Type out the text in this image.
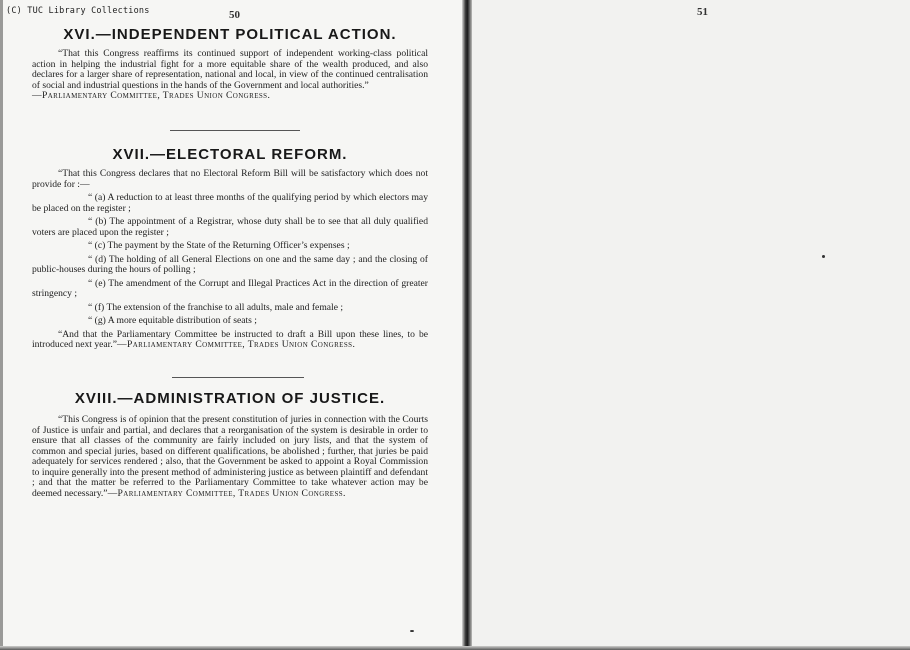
(C) TUC Library Collections	50	51
XVI.—INDEPENDENT POLITICAL ACTION.

“That this Congress reaffirms its continued support of independent working-class political action in helping the industrial fight for a more equitable share of the wealth produced, and also declares for a larger share of representation, national and local, in view of the continued centralisation of social and industrial questions in the hands of the Government and local authorities.”
—Parliamentary Committee, Trades Union Congress.

XVII.—ELECTORAL REFORM.

“That this Congress declares that no Electoral Reform Bill will be satisfactory which does not provide for :—

“ (a) A reduction to at least three months of the qualifying period by which electors may be placed on the register ;

“ (b) The appointment of a Registrar, whose duty shall be to see that all duly qualified voters are placed upon the register ;

“ (c) The payment by the State of the Returning Officer’s expenses ;

“ (d) The holding of all General Elections on one and the same day ; and the closing of public-houses during the hours of polling ;

“ (e) The amendment of the Corrupt and Illegal Practices Act in the direction of greater stringency ;

“ (f) The extension of the franchise to all adults, male and female ;

“ (g) A more equitable distribution of seats ;

“And that the Parliamentary Committee be instructed to draft a Bill upon these lines, to be introduced next year.”—Parliamentary Committee, Trades Union Congress.

XVIII.—ADMINISTRATION OF JUSTICE.

“This Congress is of opinion that the present constitution of juries in connection with the Courts of Justice is unfair and partial, and declares that a reorganisation of the system is desirable in order to ensure that all classes of the community are fairly included on jury lists, and that the system of common and special juries, based on different qualifications, be abolished ; further, that juries be paid adequately for services rendered ; also, that the Government be asked to appoint a Royal Commission to inquire generally into the present method of administering justice as between plaintiff and defendant ; and that the matter be referred to the Parliamentary Committee to take whatever action may be deemed necessary.”—Parliamentary Committee, Trades Union Congress.
